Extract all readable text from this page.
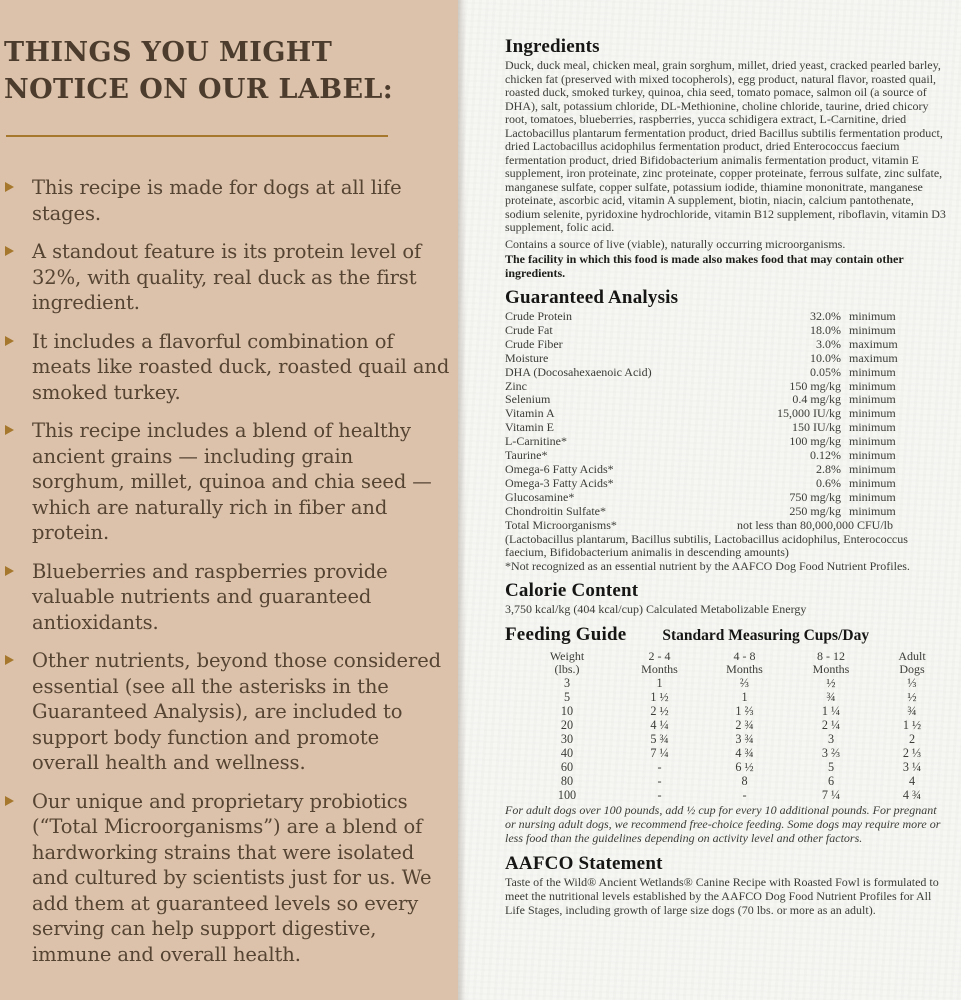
THINGS YOU MIGHT
NOTICE ON OUR LABEL:
This recipe is made for dogs at all life stages.
A standout feature is its protein level of 32%, with quality, real duck as the first ingredient.
It includes a flavorful combination of meats like roasted duck, roasted quail and smoked turkey.
This recipe includes a blend of healthy ancient grains — including grain sorghum, millet, quinoa and chia seed — which are naturally rich in fiber and protein.
Blueberries and raspberries provide valuable nutrients and guaranteed antioxidants.
Other nutrients, beyond those considered essential (see all the asterisks in the Guaranteed Analysis), are included to support body function and promote overall health and wellness.
Our unique and proprietary probiotics (“Total Microorganisms”) are a blend of hardworking strains that were isolated and cultured by scientists just for us. We add them at guaranteed levels so every serving can help support digestive, immune and overall health.
Ingredients
Duck, duck meal, chicken meal, grain sorghum, millet, dried yeast, cracked pearled barley, chicken fat (preserved with mixed tocopherols), egg product, natural flavor, roasted quail, roasted duck, smoked turkey, quinoa, chia seed, tomato pomace, salmon oil (a source of DHA), salt, potassium chloride, DL-Methionine, choline chloride, taurine, dried chicory root, tomatoes, blueberries, raspberries, yucca schidigera extract, L-Carnitine, dried Lactobacillus plantarum fermentation product, dried Bacillus subtilis fermentation product, dried Lactobacillus acidophilus fermentation product, dried Enterococcus faecium fermentation product, dried Bifidobacterium animalis fermentation product, vitamin E supplement, iron proteinate, zinc proteinate, copper proteinate, ferrous sulfate, zinc sulfate, manganese sulfate, copper sulfate, potassium iodide, thiamine mononitrate, manganese proteinate, ascorbic acid, vitamin A supplement, biotin, niacin, calcium pantothenate, sodium selenite, pyridoxine hydrochloride, vitamin B12 supplement, riboflavin, vitamin D3 supplement, folic acid.
Contains a source of live (viable), naturally occurring microorganisms.
The facility in which this food is made also makes food that may contain other ingredients.
Guaranteed Analysis
Crude Protein	32.0% minimum
Crude Fat	18.0% minimum
Crude Fiber	3.0% maximum
Moisture	10.0% maximum
DHA (Docosahexaenoic Acid)	0.05% minimum
Zinc	150 mg/kg minimum
Selenium	0.4 mg/kg minimum
Vitamin A	15,000 IU/kg minimum
Vitamin E	150 IU/kg minimum
L-Carnitine*	100 mg/kg minimum
Taurine*	0.12% minimum
Omega-6 Fatty Acids*	2.8% minimum
Omega-3 Fatty Acids*	0.6% minimum
Glucosamine*	750 mg/kg minimum
Chondroitin Sulfate*	250 mg/kg minimum
Total Microorganisms*	not less than 80,000,000 CFU/lb
(Lactobacillus plantarum, Bacillus subtilis, Lactobacillus acidophilus, Enterococcus faecium, Bifidobacterium animalis in descending amounts)
*Not recognized as an essential nutrient by the AAFCO Dog Food Nutrient Profiles.
Calorie Content
3,750 kcal/kg (404 kcal/cup) Calculated Metabolizable Energy
Feeding Guide Standard Measuring Cups/Day
Weight
(lbs.)
2 - 4
Months
4 - 8
Months
8 - 12
Months
Adult
Dogs
3	1	⅔	½	⅓
5	1 ½	1	¾	½
10	2 ½	1 ⅔	1 ¼	¾
20	4 ¼	2 ¾	2 ¼	1 ½
30	5 ¾	3 ¾	3	2
40	7 ¼	4 ¾	3 ⅔	2 ⅓
60	-	6 ½	5	3 ¼
80	-	8	6	4
100	-	-	7 ¼	4 ¾
For adult dogs over 100 pounds, add ½ cup for every 10 additional pounds. For pregnant or nursing adult dogs, we recommend free-choice feeding. Some dogs may require more or less food than the guidelines depending on activity level and other factors.
AAFCO Statement
Taste of the Wild® Ancient Wetlands® Canine Recipe with Roasted Fowl is formulated to meet the nutritional levels established by the AAFCO Dog Food Nutrient Profiles for All Life Stages, including growth of large size dogs (70 lbs. or more as an adult).
